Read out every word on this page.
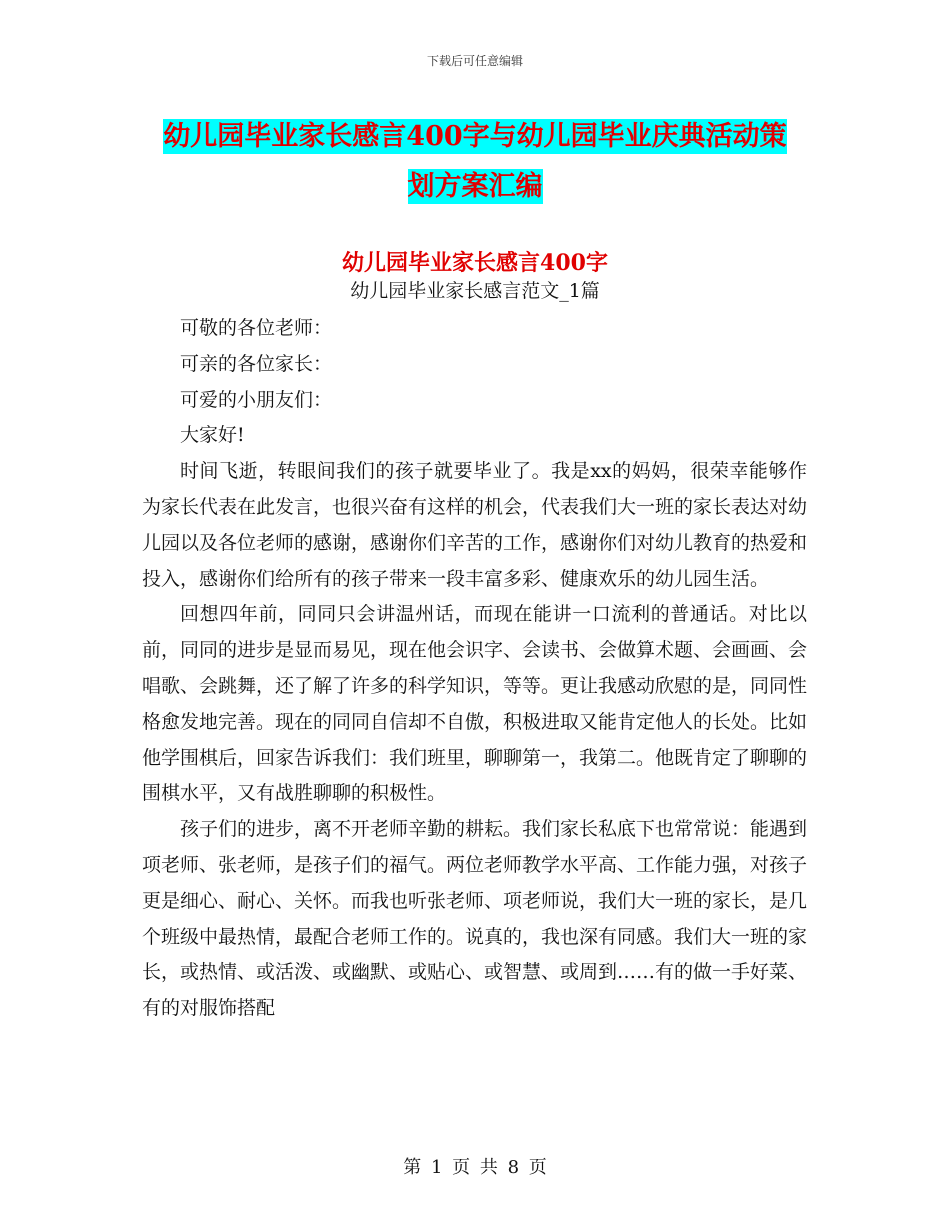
下载后可任意编辑
幼儿园毕业家长感言400字与幼儿园毕业庆典活动策
划方案汇编
幼儿园毕业家长感言400字
幼儿园毕业家长感言范文_1篇

可敬的各位老师：

可亲的各位家长：

可爱的小朋友们：

大家好!

时间飞逝，转眼间我们的孩子就要毕业了。我是xx的妈妈，很荣幸能够作为家长代表在此发言，也很兴奋有这样的机会，代表我们大一班的家长表达对幼儿园以及各位老师的感谢，感谢你们辛苦的工作，感谢你们对幼儿教育的热爱和投入，感谢你们给所有的孩子带来一段丰富多彩、健康欢乐的幼儿园生活。

回想四年前，同同只会讲温州话，而现在能讲一口流利的普通话。对比以前，同同的进步是显而易见，现在他会识字、会读书、会做算术题、会画画、会唱歌、会跳舞，还了解了许多的科学知识，等等。更让我感动欣慰的是，同同性格愈发地完善。现在的同同自信却不自傲，积极进取又能肯定他人的长处。比如他学围棋后，回家告诉我们：我们班里，聊聊第一，我第二。他既肯定了聊聊的围棋水平，又有战胜聊聊的积极性。

孩子们的进步，离不开老师辛勤的耕耘。我们家长私底下也常常说：能遇到项老师、张老师，是孩子们的福气。两位老师教学水平高、工作能力强，对孩子更是细心、耐心、关怀。而我也听张老师、项老师说，我们大一班的家长，是几个班级中最热情，最配合老师工作的。说真的，我也深有同感。我们大一班的家长，或热情、或活泼、或幽默、或贴心、或智慧、或周到……有的做一手好菜、有的对服饰搭配

第 1 页 共 8 页
